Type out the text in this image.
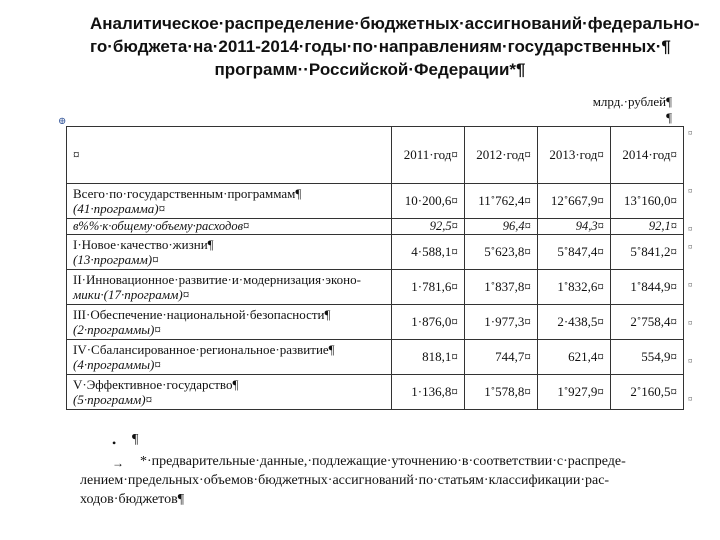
Аналитическое·распределение·бюджетных·ассигнований·федерально-
го·бюджета·на·2011-2014·годы·по·направлениям·государственных·¶
программ··Российской·Федерации*¶
млрд.·рублей¶
¶
⊕
¤	2011·год¤	2012·год¤	2013·год¤	2014·год¤

Всего·по·государственным·программам¶
(41·программа)¤	10·200,6¤	11˚762,4¤	12˚667,9¤	13˚160,0¤

в%%·к·общему·объему·расходов¤	92,5¤	96,4¤	94,3¤	92,1¤

I·Новое·качество·жизни¶
(13·программ)¤	4·588,1¤	5˚623,8¤	5˚847,4¤	5˚841,2¤

II·Инновационное·развитие·и·модернизация·эконо-
мики·(17·программ)¤	1·781,6¤	1˚837,8¤	1˚832,6¤	1˚844,9¤

III·Обеспечение·национальной·безопасности¶
(2·программы)¤	1·876,0¤	1·977,3¤	2·438,5¤	2˚758,4¤

IV·Сбалансированное·региональное·развитие¶
(4·программы)¤	818,1¤	744,7¤	621,4¤	554,9¤

V·Эффективное·государство¶
(5·программ)¤	1·136,8¤	1˚578,8¤	1˚927,9¤	2˚160,5¤
¤
¤
¤
¤
¤
¤
¤
¤
• ¶
→	*·предварительные·данные,·подлежащие·уточнению·в·соответствии·с·распреде-
лением·предельных·объемов·бюджетных·ассигнований·по·статьям·классификации·рас-
ходов·бюджетов¶
